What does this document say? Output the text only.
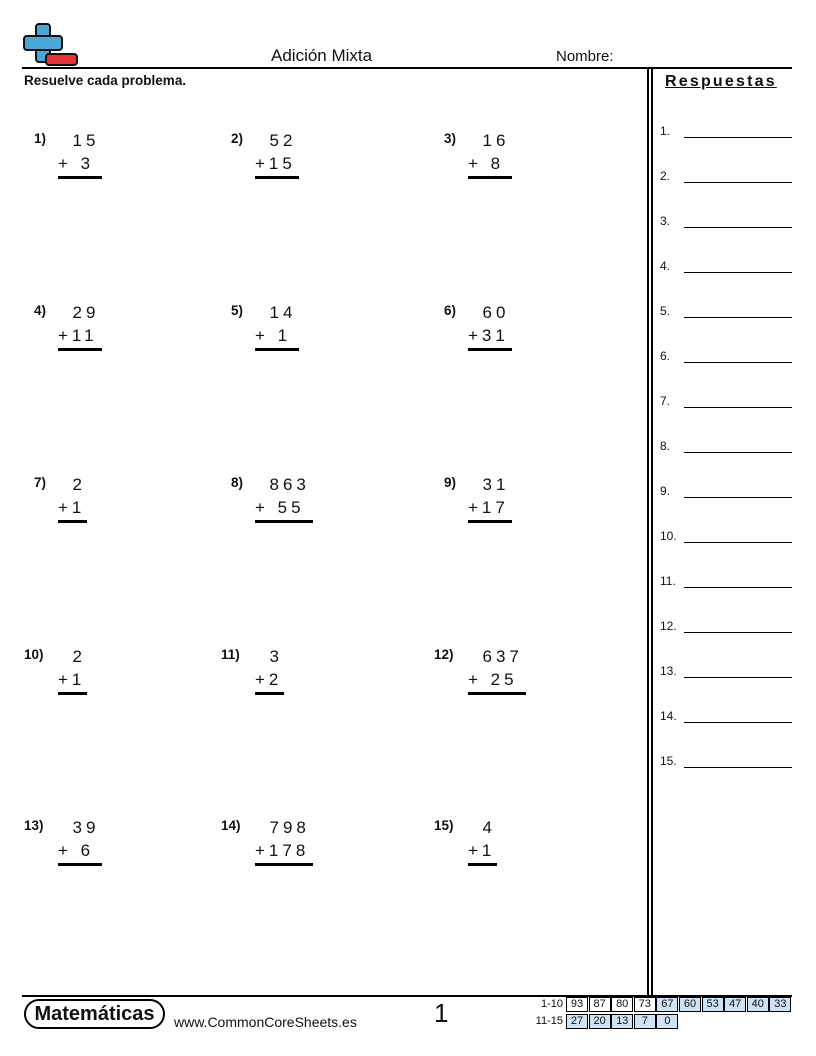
Adición Mixta	Nombre:
Resuelve cada problema.	Respuestas
1.
2.
3.
4.
5.
6.
7.
8.
9.
10.
11.
12.
13.
14.
15.
1) 15
+ 3
2) 52
+15
3) 16
+ 8
4) 29
+11
5) 14
+ 1
6) 60
+31
7) 2
+1
8) 863
+ 55
9) 31
+17
10) 2
+1
11) 3
+2
12) 637
+ 25
13) 39
+ 6
14) 798
+178
15) 4
+1
Matemáticas	www.CommonCoreSheets.es	1	1-10 93 87 80 73 67 60 53 47 40 33
11-15 27 20 13	7	0
